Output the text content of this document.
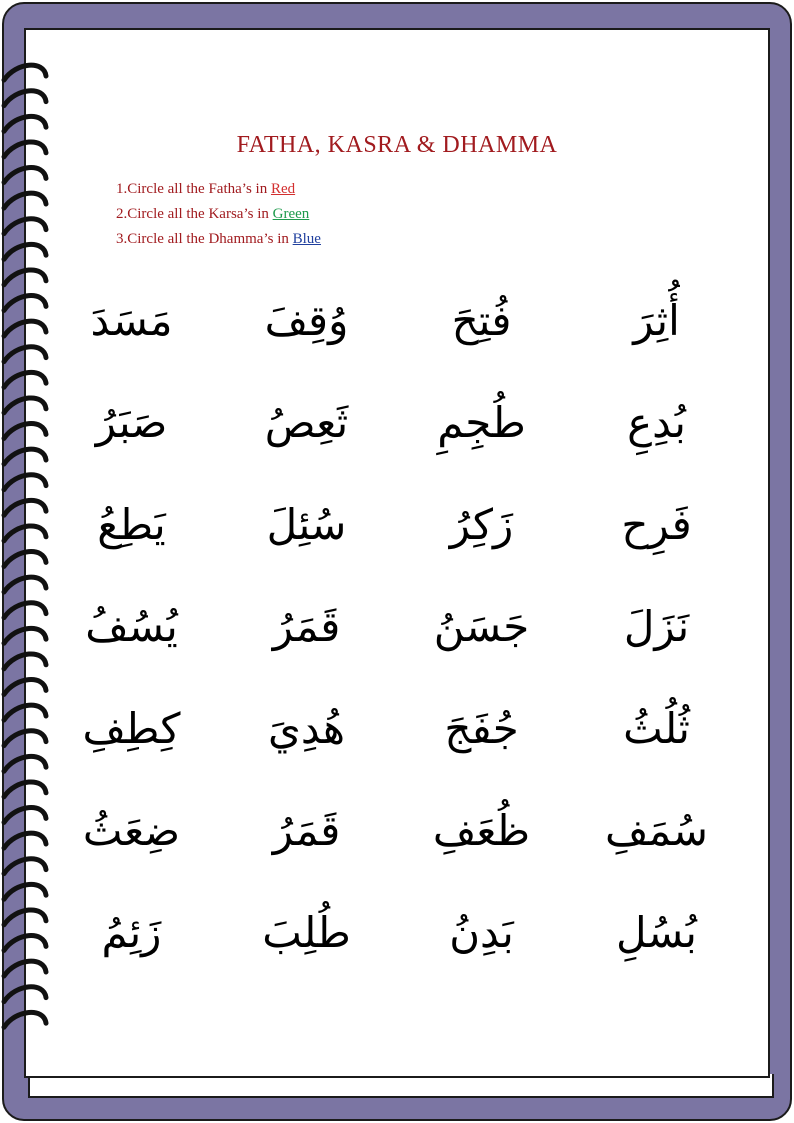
FATHA, KASRA & DHAMMA
1.Circle all the Fatha’s in Red
2.Circle all the Karsa’s in Green
3.Circle all the Dhamma’s in Blue
أُثِرَ
فُتِحَ
وُقِفَ
مَسَدَ
بُدِعِ
طُجِمِ
ثَعِصُ
صَبَرُ
فَرِح
زَكِرُ
سُئِلَ
يَطِعُ
نَزَلَ
جَسَنُ
قَمَرُ
يُسُفُ
ثُلُثُ
جُفَجَ
هُدِيَ
كِطِفِ
سُمَفِ
ظُعَفِ
قَمَرُ
ضِعَثُ
بُسُلِ
بَدِنُ
طُلِبَ
زَئِمُ
